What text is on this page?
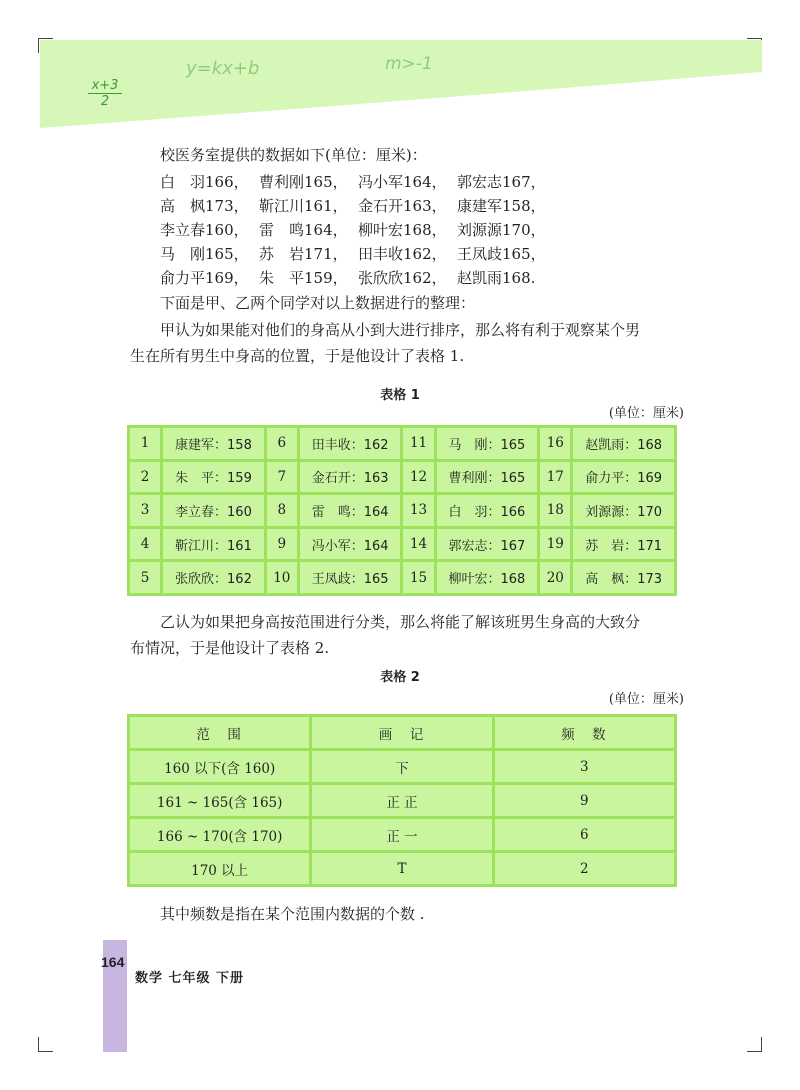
$\frac{x+3}{2}$
y=kx+b	m>-1
校医务室提供的数据如下(单位：厘米)：
白　羽166， 曹利刚165， 冯小军164， 郭宏志167，
高　枫173， 靳江川161， 金石开163， 康建军158，
李立春160， 雷　鸣164， 柳叶宏168， 刘源源170，
马　刚165， 苏　岩171， 田丰收162， 王凤歧165，
俞力平169， 朱　平159， 张欣欣162， 赵凯雨168.
下面是甲、乙两个同学对以上数据进行的整理：
甲认为如果能对他们的身高从小到大进行排序，那么将有利于观察某个男
生在所有男生中身高的位置，于是他设计了表格 1.
表格 1
(单位：厘米)
1	康建军：158	6	田丰收：162	11	马　刚：165	16	赵凯雨：168
2	朱　平：159	7	金石开：163	12	曹利刚：165	17	俞力平：169
3	李立春：160	8	雷　鸣：164	13	白　羽：166	18	刘源源：170
4	靳江川：161	9	冯小军：164	14	郭宏志：167	19	苏　岩：171
5	张欣欣：162	10	王凤歧：165	15	柳叶宏：168	20	高　枫：173
乙认为如果把身高按范围进行分类，那么将能了解该班男生身高的大致分
布情况，于是他设计了表格 2.
表格 2
(单位：厘米)
范　围	画　记	频　数
160 以下(含 160)	下	3
161 ~ 165(含 165)	正 正	9
166 ~ 170(含 170)	正 一	6
170 以上	T	2
其中频数是指在某个范围内数据的个数 .
164
数学 七年级 下册
